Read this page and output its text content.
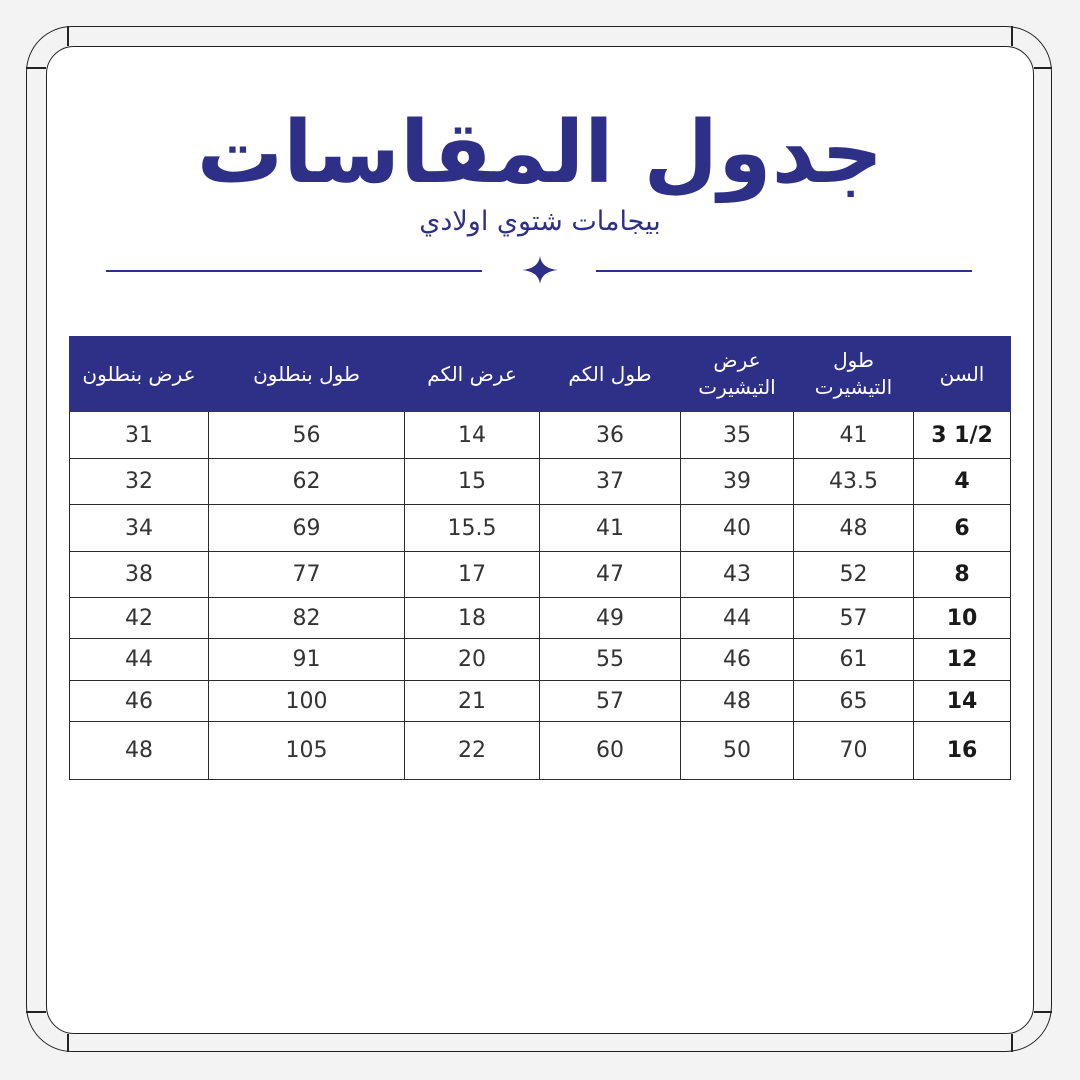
جدول المقاسات
بيجامات شتوي اولادي
السن	طول التيشيرت	عرض التيشيرت	طول الكم	عرض الكم	طول بنطلون	عرض بنطلون
3 1/2	41	35	36	14	56	31
4	43.5	39	37	15	62	32
6	48	40	41	15.5	69	34
8	52	43	47	17	77	38
10	57	44	49	18	82	42
12	61	46	55	20	91	44
14	65	48	57	21	100	46
16	70	50	60	22	105	48
